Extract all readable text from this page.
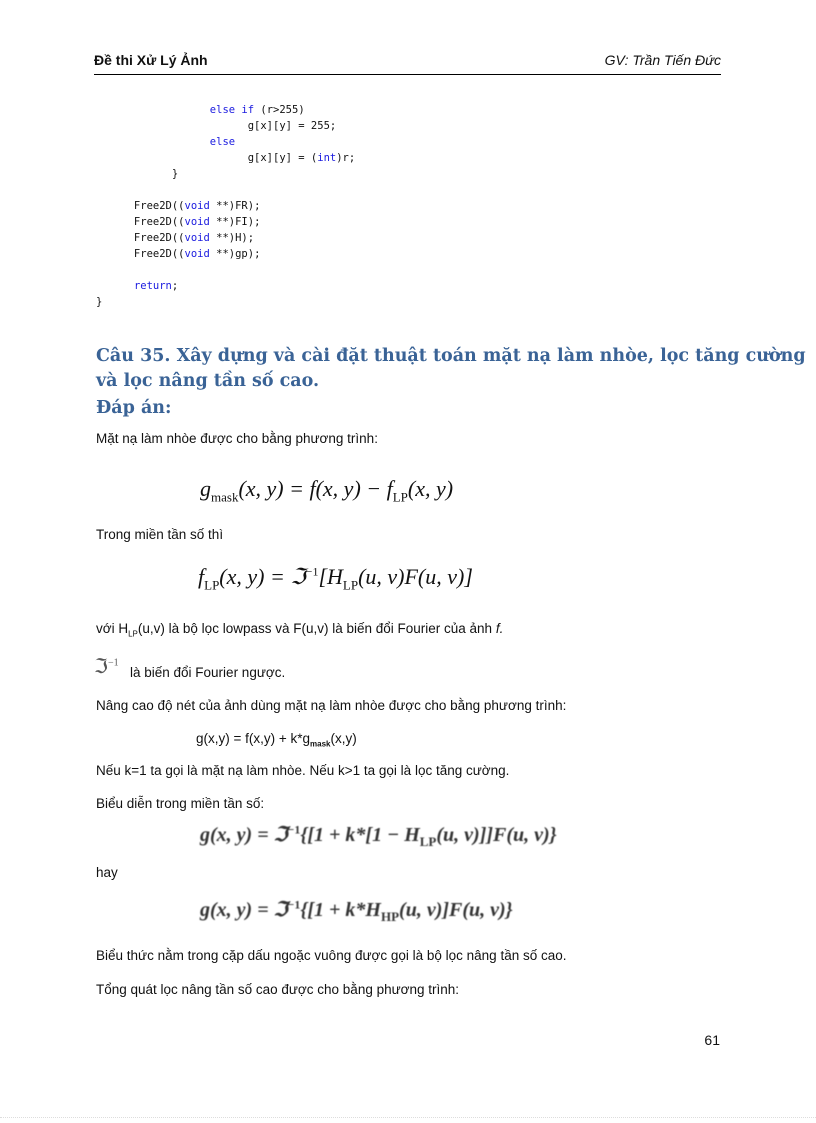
Đề thi Xử Lý Ảnh	GV: Trần Tiến Đức
else if (r>255)
g[x][y] = 255;
else
g[x][y] = (int)r;
}
Free2D((void **)FR);
Free2D((void **)FI);
Free2D((void **)H);
Free2D((void **)gp);
return;
}
Câu 35. Xây dựng và cài đặt thuật toán mặt nạ làm nhòe, lọc tăng cường
và lọc nâng tần số cao.
Đáp án:
Mặt nạ làm nhòe được cho bằng phương trình:
$g_{mask}(x$, y) = f(x, $y) - f_{LP}(x$, y)
Trong miền tần số thì
$f_{LP}(x$, $y) = ℑ^{-1}[H_{LP}(u$, v)F(u, v)]
với $H_{LP}(u,v)$ là bộ lọc lowpass và F(u,v) là biến đổi Fourier của ảnh f.
ℑ$^{-1}$
là biến đổi Fourier ngược.
Nâng cao độ nét của ảnh dùng mặt nạ làm nhòe được cho bằng phương trình:
$g(x,y) = f(x,y) + k*g_{mask}(x,y)$
Nếu k=1 ta gọi là mặt nạ làm nhòe. Nếu k>1 ta gọi là lọc tăng cường.
Biểu diễn trong miền tần số:
g(x, y) = ℑ$^{-1}${[1 + $k*[1 - H_{LP}(u$, v)]]F(u, v)}
hay
g(x, y) = ℑ$^{-1}${[1 + $k*H_{HP}(u$, v)]F(u, v)}
Biểu thức nằm trong cặp dấu ngoặc vuông được gọi là bộ lọc nâng tần số cao.
Tổng quát lọc nâng tần số cao được cho bằng phương trình:
61
